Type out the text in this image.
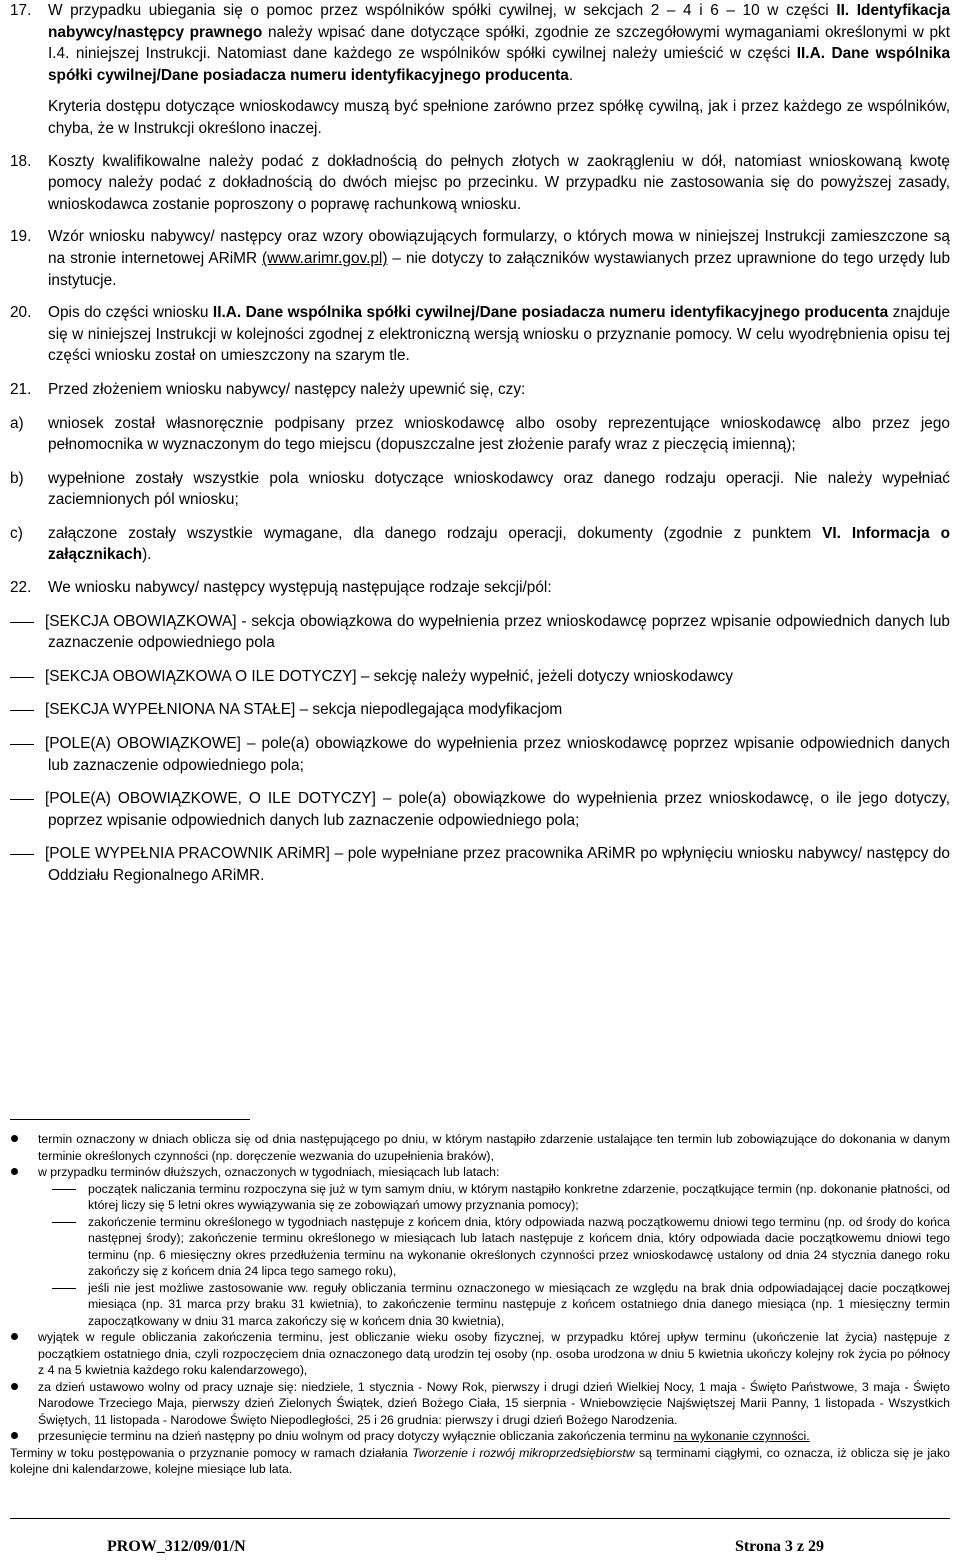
17.	W przypadku ubiegania się o pomoc przez wspólników spółki cywilnej, w sekcjach 2 – 4 i 6 – 10 w części II. Identyfikacja nabywcy/następcy prawnego należy wpisać dane dotyczące spółki, zgodnie ze szczegółowymi wymaganiami określonymi w pkt I.4. niniejszej Instrukcji. Natomiast dane każdego ze wspólników spółki cywilnej należy umieścić w części II.A. Dane wspólnika spółki cywilnej/Dane posiadacza numeru identyfikacyjnego producenta.
Kryteria dostępu dotyczące wnioskodawcy muszą być spełnione zarówno przez spółkę cywilną, jak i przez każdego ze wspólników, chyba, że w Instrukcji określono inaczej.
18.	Koszty kwalifikowalne należy podać z dokładnością do pełnych złotych w zaokrągleniu w dół, natomiast wnioskowaną kwotę pomocy należy podać z dokładnością do dwóch miejsc po przecinku. W przypadku nie zastosowania się do powyższej zasady, wnioskodawca zostanie poproszony o poprawę rachunkową wniosku.
19.	Wzór wniosku nabywcy/ następcy oraz wzory obowiązujących formularzy, o których mowa w niniejszej Instrukcji zamieszczone są na stronie internetowej ARiMR (www.arimr.gov.pl) – nie dotyczy to załączników wystawianych przez uprawnione do tego urzędy lub instytucje.
20.	Opis do części wniosku II.A. Dane wspólnika spółki cywilnej/Dane posiadacza numeru identyfikacyjnego producenta znajduje się w niniejszej Instrukcji w kolejności zgodnej z elektroniczną wersją wniosku o przyznanie pomocy. W celu wyodrębnienia opisu tej części wniosku został on umieszczony na szarym tle.
21.	Przed złożeniem wniosku nabywcy/ następcy należy upewnić się, czy:
a)	wniosek został własnoręcznie podpisany przez wnioskodawcę albo osoby reprezentujące wnioskodawcę albo przez jego pełnomocnika w wyznaczonym do tego miejscu (dopuszczalne jest złożenie parafy wraz z pieczęcią imienną);
b)	wypełnione zostały wszystkie pola wniosku dotyczące wnioskodawcy oraz danego rodzaju operacji. Nie należy wypełniać zaciemnionych pól wniosku;
c)	załączone zostały wszystkie wymagane, dla danego rodzaju operacji, dokumenty (zgodnie z punktem VI. Informacja o załącznikach).
22.	We wniosku nabywcy/ następcy występują następujące rodzaje sekcji/pól:
[SEKCJA OBOWIĄZKOWA] - sekcja obowiązkowa do wypełnienia przez wnioskodawcę poprzez wpisanie odpowiednich danych lub zaznaczenie odpowiedniego pola
[SEKCJA OBOWIĄZKOWA O ILE DOTYCZY] – sekcję należy wypełnić, jeżeli dotyczy wnioskodawcy
[SEKCJA WYPEŁNIONA NA STAŁE] – sekcja niepodlegająca modyfikacjom
[POLE(A) OBOWIĄZKOWE] – pole(a) obowiązkowe do wypełnienia przez wnioskodawcę poprzez wpisanie odpowiednich danych lub zaznaczenie odpowiedniego pola;
[POLE(A) OBOWIĄZKOWE, O ILE DOTYCZY] – pole(a) obowiązkowe do wypełnienia przez wnioskodawcę, o ile jego dotyczy, poprzez wpisanie odpowiednich danych lub zaznaczenie odpowiedniego pola;
[POLE WYPEŁNIA PRACOWNIK ARiMR] – pole wypełniane przez pracownika ARiMR po wpłynięciu wniosku nabywcy/ następcy do Oddziału Regionalnego ARiMR.
termin oznaczony w dniach oblicza się od dnia następującego po dniu, w którym nastąpiło zdarzenie ustalające ten termin lub zobowiązujące do dokonania w danym terminie określonych czynności (np. doręczenie wezwania do uzupełnienia braków),
w przypadku terminów dłuższych, oznaczonych w tygodniach, miesiącach lub latach:
początek naliczania terminu rozpoczyna się już w tym samym dniu, w którym nastąpiło konkretne zdarzenie, początkujące termin (np. dokonanie płatności, od której liczy się 5 letni okres wywiązywania się ze zobowiązań umowy przyznania pomocy);
zakończenie terminu określonego w tygodniach następuje z końcem dnia, który odpowiada nazwą początkowemu dniowi tego terminu (np. od środy do końca następnej środy); zakończenie terminu określonego w miesiącach lub latach następuje z końcem dnia, który odpowiada dacie początkowemu dniowi tego terminu (np. 6 miesięczny okres przedłużenia terminu na wykonanie określonych czynności przez wnioskodawcę ustalony od dnia 24 stycznia danego roku zakończy się z końcem dnia 24 lipca tego samego roku),
jeśli nie jest możliwe zastosowanie ww. reguły obliczania terminu oznaczonego w miesiącach ze względu na brak dnia odpowiadającej dacie początkowej miesiąca (np. 31 marca przy braku 31 kwietnia), to zakończenie terminu następuje z końcem ostatniego dnia danego miesiąca (np. 1 miesięczny termin zapoczątkowany w dniu 31 marca zakończy się w końcem dnia 30 kwietnia),
wyjątek w regule obliczania zakończenia terminu, jest obliczanie wieku osoby fizycznej, w przypadku której upływ terminu (ukończenie lat życia) następuje z początkiem ostatniego dnia, czyli rozpoczęciem dnia oznaczonego datą urodzin tej osoby (np. osoba urodzona w dniu 5 kwietnia ukończy kolejny rok życia po północy z 4 na 5 kwietnia każdego roku kalendarzowego),
za dzień ustawowo wolny od pracy uznaje się: niedziele, 1 stycznia - Nowy Rok, pierwszy i drugi dzień Wielkiej Nocy, 1 maja - Święto Państwowe, 3 maja - Święto Narodowe Trzeciego Maja, pierwszy dzień Zielonych Świątek, dzień Bożego Ciała, 15 sierpnia - Wniebowzięcie Najświętszej Marii Panny, 1 listopada - Wszystkich Świętych, 11 listopada - Narodowe Święto Niepodległości, 25 i 26 grudnia: pierwszy i drugi dzień Bożego Narodzenia.
przesunięcie terminu na dzień następny po dniu wolnym od pracy dotyczy wyłącznie obliczania zakończenia terminu na wykonanie czynności.
Terminy w toku postępowania o przyznanie pomocy w ramach działania Tworzenie i rozwój mikroprzedsiębiorstw są terminami ciągłymi, co oznacza, iż oblicza się je jako kolejne dni kalendarzowe, kolejne miesiące lub lata.
PROW_312/09/01/N	Strona 3 z 29
